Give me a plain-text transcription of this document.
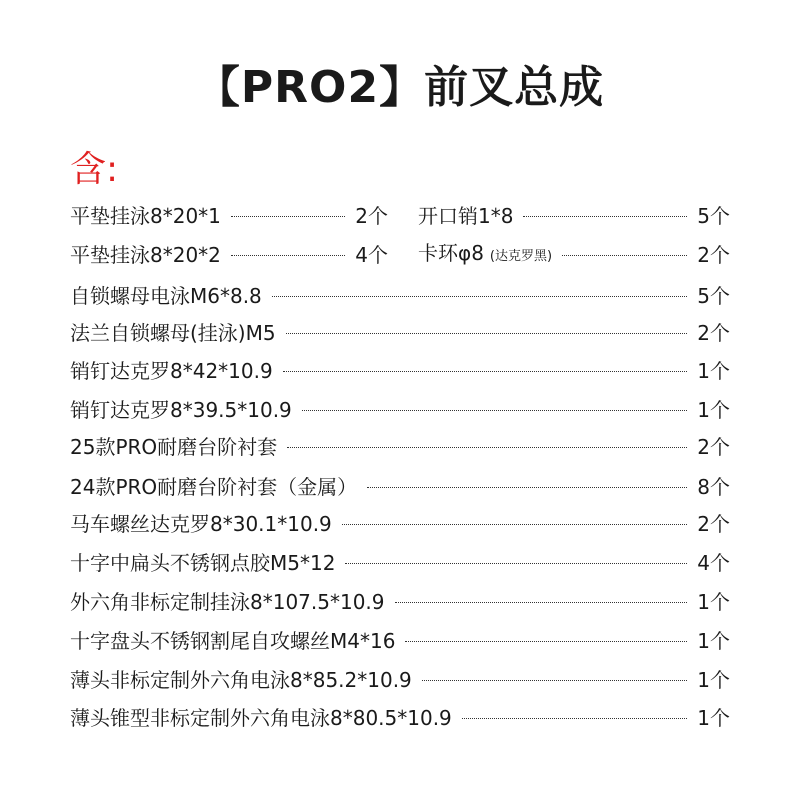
【PRO2】前叉总成
含:
平垫挂泳8*20*1	2个 开口销1*8	5个
平垫挂泳8*20*2	4个 卡环φ8 (达克罗黑)	2个
自锁螺母电泳M6*8.8	5个
法兰自锁螺母(挂泳)M5	2个
销钉达克罗8*42*10.9	1个
销钉达克罗8*39.5*10.9	1个
25款PRO耐磨台阶衬套	2个
24款PRO耐磨台阶衬套（金属）	8个
马车螺丝达克罗8*30.1*10.9	2个
十字中扁头不锈钢点胶M5*12	4个
外六角非标定制挂泳8*107.5*10.9	1个
十字盘头不锈钢割尾自攻螺丝M4*16	1个
薄头非标定制外六角电泳8*85.2*10.9	1个
薄头锥型非标定制外六角电泳8*80.5*10.9	1个
